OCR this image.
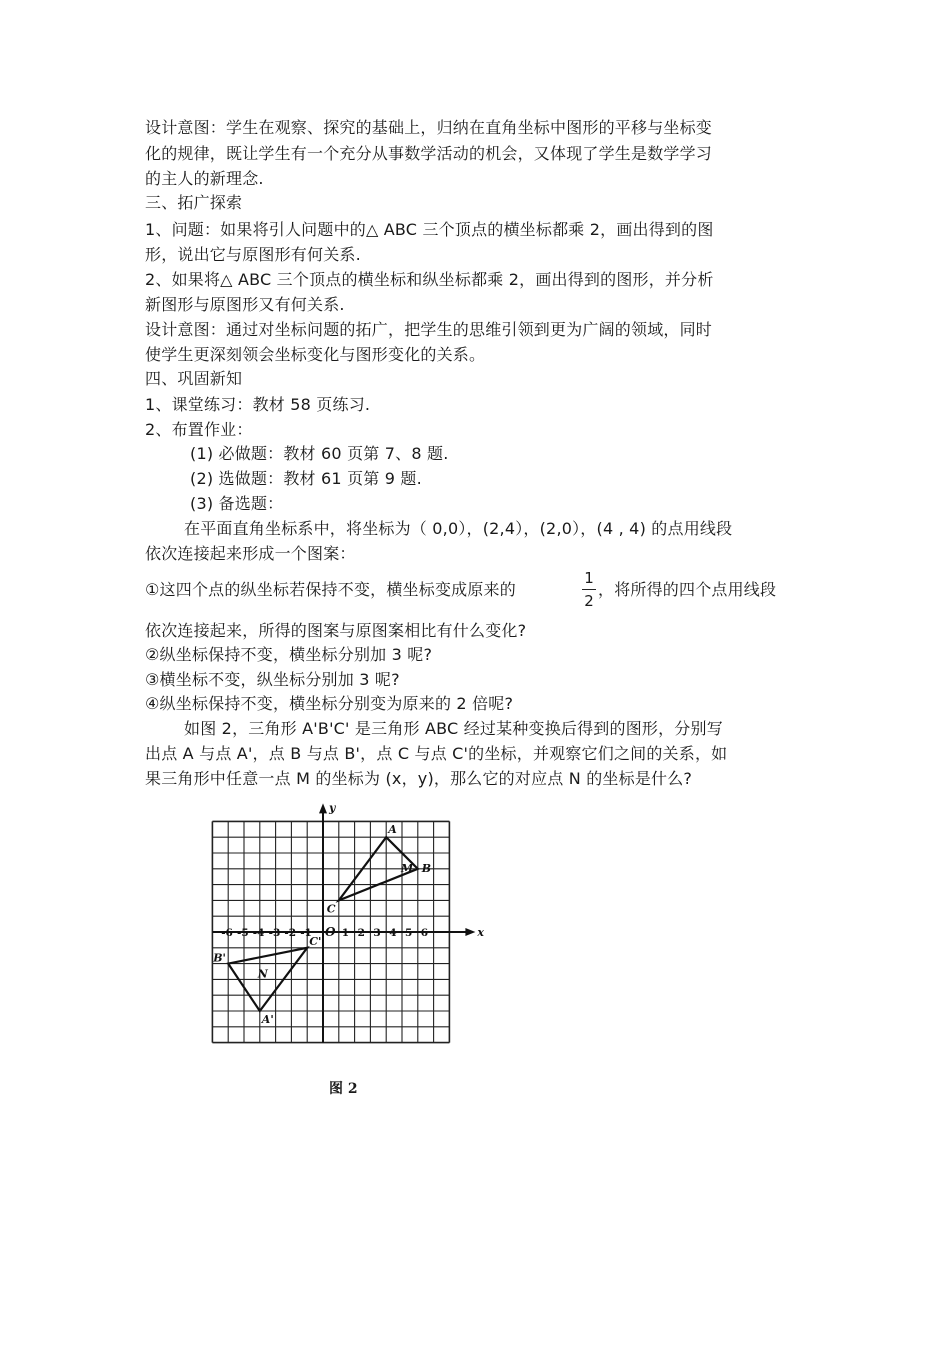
设计意图：学生在观察、探究的基础上，归纳在直角坐标中图形的平移与坐标变
化的规律，既让学生有一个充分从事数学活动的机会，又体现了学生是数学学习
的主人的新理念.
三、拓广探索
1、问题：如果将引人问题中的△ ABC 三个顶点的横坐标都乘 2，画出得到的图
形，说出它与原图形有何关系.
2、如果将△ ABC 三个顶点的横坐标和纵坐标都乘 2，画出得到的图形，并分析
新图形与原图形又有何关系.
设计意图：通过对坐标问题的拓广，把学生的思维引领到更为广阔的领域，同时
使学生更深刻领会坐标变化与图形变化的关系。
四、巩固新知
1、课堂练习：教材 58 页练习.
2、布置作业：
(1) 必做题：教材 60 页第 7、8 题.
(2) 选做题：教材 61 页第 9 题.
(3) 备选题：
在平面直角坐标系中，将坐标为（ 0,0），(2,4），(2,0），(4 , 4) 的点用线段
依次连接起来形成一个图案：
①这四个点的纵坐标若保持不变，横坐标变成原来的
1
2
，将所得的四个点用线段
依次连接起来，所得的图案与原图案相比有什么变化?
②纵坐标保持不变，横坐标分别加 3 呢?
③横坐标不变，纵坐标分别加 3 呢?
④纵坐标保持不变，横坐标分别变为原来的 2 倍呢?
如图 2，三角形 A'B'C' 是三角形 ABC 经过某种变换后得到的图形，分别写
出点 A 与点 A'，点 B 与点 B'，点 C 与点 C'的坐标，并观察它们之间的关系，如
果三角形中任意一点 M 的坐标为 (x，y)，那么它的对应点 N 的坐标是什么?
x
y
O
-6 -5 -4 -3 -2 -1	1 2 3 4 5 6
A
B
C
M
A'
B'
C'
N
图 2
